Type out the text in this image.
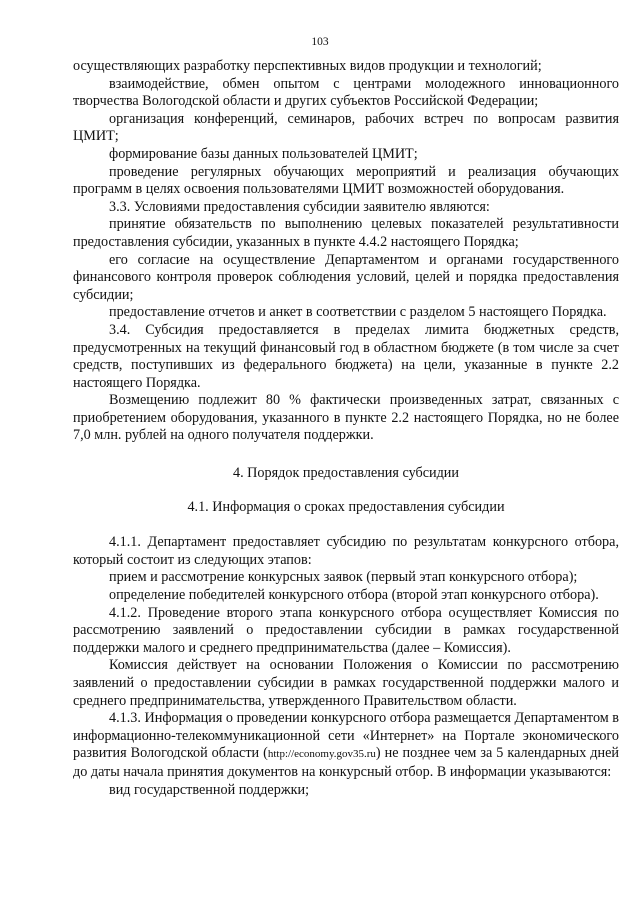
103

осуществляющих разработку перспективных видов продукции и технологий;

взаимодействие, обмен опытом с центрами молодежного инновационного творчества Вологодской области и других субъектов Российской Федерации;

организация конференций, семинаров, рабочих встреч по вопросам развития ЦМИТ;

формирование базы данных пользователей ЦМИТ;

проведение регулярных обучающих мероприятий и реализация обучающих программ в целях освоения пользователями ЦМИТ возможностей оборудования.

3.3. Условиями предоставления субсидии заявителю являются:

принятие обязательств по выполнению целевых показателей результативности предоставления субсидии, указанных в пункте 4.4.2 настоящего Порядка;

его согласие на осуществление Департаментом и органами государственного финансового контроля проверок соблюдения условий, целей и порядка предоставления субсидии;

предоставление отчетов и анкет в соответствии с разделом 5 настоящего Порядка.

3.4. Субсидия предоставляется в пределах лимита бюджетных средств, предусмотренных на текущий финансовый год в областном бюджете (в том числе за счет средств, поступивших из федерального бюджета) на цели, указанные в пункте 2.2 настоящего Порядка.

Возмещению подлежит 80 % фактически произведенных затрат, связанных с приобретением оборудования, указанного в пункте 2.2 настоящего Порядка, но не более 7,0 млн. рублей на одного получателя поддержки.

4. Порядок предоставления субсидии

4.1. Информация о сроках предоставления субсидии

4.1.1. Департамент предоставляет субсидию по результатам конкурсного отбора, который состоит из следующих этапов:

прием и рассмотрение конкурсных заявок (первый этап конкурсного отбора);

определение победителей конкурсного отбора (второй этап конкурсного отбора).

4.1.2. Проведение второго этапа конкурсного отбора осуществляет Комиссия по рассмотрению заявлений о предоставлении субсидии в рамках государственной поддержки малого и среднего предпринимательства (далее – Комиссия).

Комиссия действует на основании Положения о Комиссии по рассмотрению заявлений о предоставлении субсидии в рамках государственной поддержки малого и среднего предпринимательства, утвержденного Правительством области.

4.1.3. Информация о проведении конкурсного отбора размещается Департаментом в информационно-телекоммуникационной сети «Интернет» на Портале экономического развития Вологодской области (http://economy.gov35.ru) не позднее чем за 5 календарных дней до даты начала принятия документов на конкурсный отбор. В информации указываются:

вид государственной поддержки;
